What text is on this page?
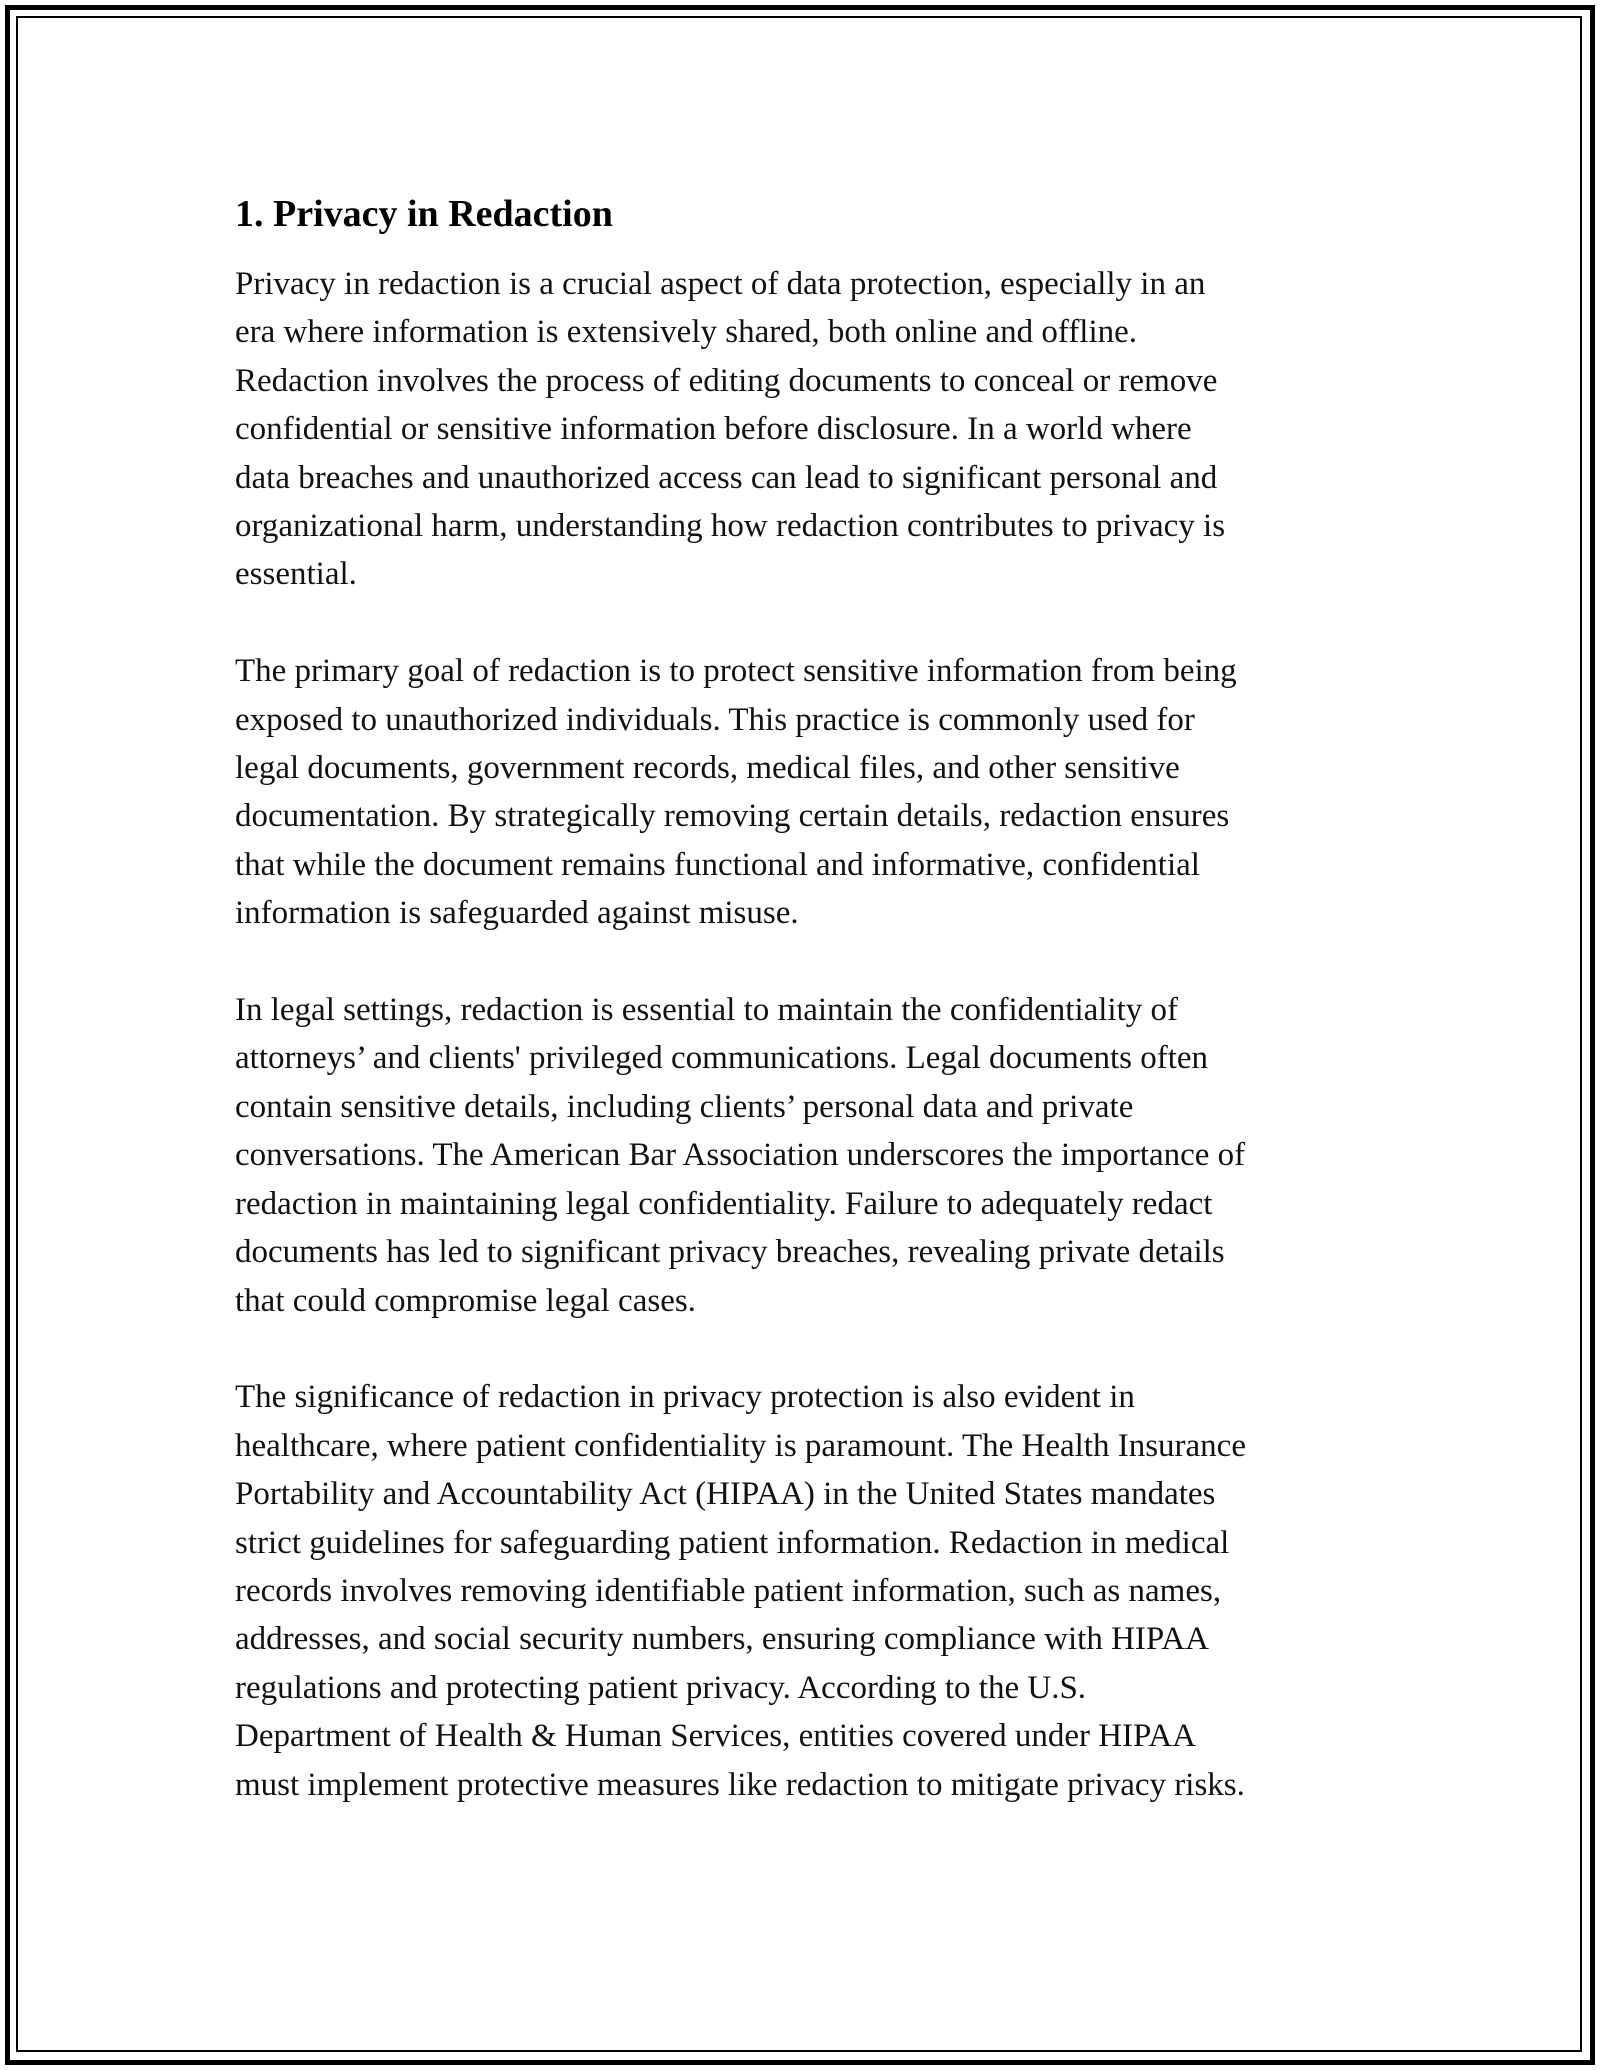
1. Privacy in Redaction

Privacy in redaction is a crucial aspect of data protection, especially in an
era where information is extensively shared, both online and offline.
Redaction involves the process of editing documents to conceal or remove
confidential or sensitive information before disclosure. In a world where
data breaches and unauthorized access can lead to significant personal and
organizational harm, understanding how redaction contributes to privacy is
essential.

The primary goal of redaction is to protect sensitive information from being
exposed to unauthorized individuals. This practice is commonly used for
legal documents, government records, medical files, and other sensitive
documentation. By strategically removing certain details, redaction ensures
that while the document remains functional and informative, confidential
information is safeguarded against misuse.

In legal settings, redaction is essential to maintain the confidentiality of
attorneys’ and clients' privileged communications. Legal documents often
contain sensitive details, including clients’ personal data and private
conversations. The American Bar Association underscores the importance of
redaction in maintaining legal confidentiality. Failure to adequately redact
documents has led to significant privacy breaches, revealing private details
that could compromise legal cases.

The significance of redaction in privacy protection is also evident in
healthcare, where patient confidentiality is paramount. The Health Insurance
Portability and Accountability Act (HIPAA) in the United States mandates
strict guidelines for safeguarding patient information. Redaction in medical
records involves removing identifiable patient information, such as names,
addresses, and social security numbers, ensuring compliance with HIPAA
regulations and protecting patient privacy. According to the U.S.
Department of Health & Human Services, entities covered under HIPAA
must implement protective measures like redaction to mitigate privacy risks.
